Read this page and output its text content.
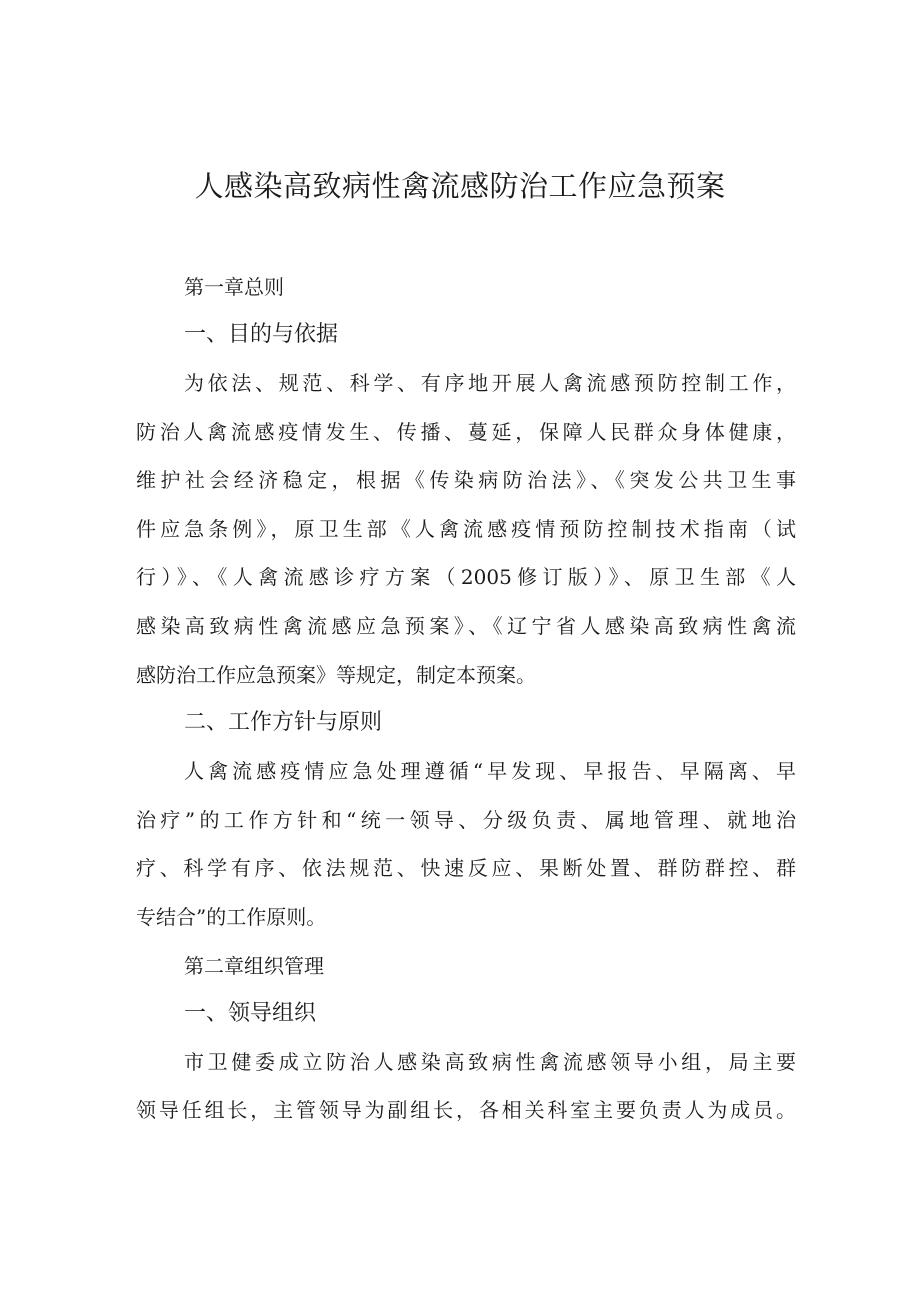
人感染高致病性禽流感防治工作应急预案
第一章总则
一、目的与依据
为依法、规范、科学、有序地开展人禽流感预防控制工作，
防治人禽流感疫情发生、传播、蔓延，保障人民群众身体健康，
维护社会经济稳定，根据《传染病防治法》、《突发公共卫生事
件应急条例》，原卫生部《人禽流感疫情预防控制技术指南（试
行）》、《人禽流感诊疗方案（2005修订版）》、原卫生部《人
感染高致病性禽流感应急预案》、《辽宁省人感染高致病性禽流
感防治工作应急预案》等规定，制定本预案。
二、工作方针与原则
人禽流感疫情应急处理遵循“早发现、早报告、早隔离、早
治疗”的工作方针和“统一领导、分级负责、属地管理、就地治
疗、科学有序、依法规范、快速反应、果断处置、群防群控、群
专结合”的工作原则。
第二章组织管理
一、领导组织
市卫健委成立防治人感染高致病性禽流感领导小组，局主要
领导任组长，主管领导为副组长，各相关科室主要负责人为成员。
